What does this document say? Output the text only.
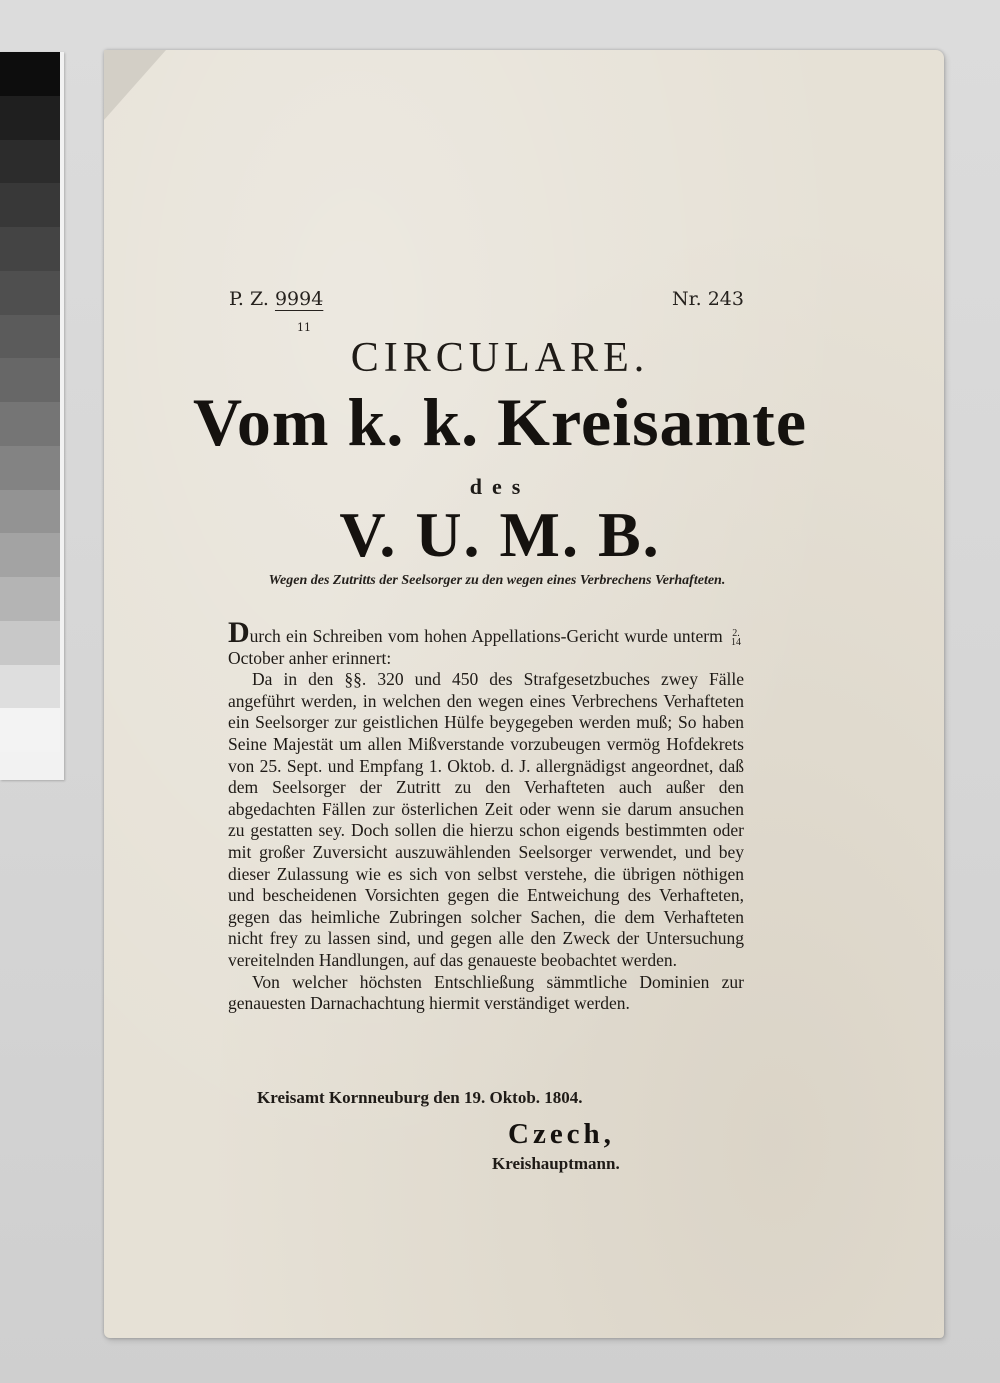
P. Z. 9994
11
Nr. 243
CIRCULARE.
Vom k. k. Kreisamte
des
V. U. M. B.
Wegen des Zutritts der Seelsorger zu den wegen eines Verbrechens Verhafteten.

Durch ein Schreiben vom hohen Appellations-Gericht wurde unterm 2.
14
October anher erinnert:

Da in den §§. 320 und 450 des Strafgesetzbuches zwey Fälle angeführt werden, in welchen den wegen eines Verbrechens Verhafteten ein Seelsorger zur geistlichen Hülfe beygegeben werden muß; So haben Seine Majestät um allen Mißverstande vorzubeugen vermög Hofdekrets von 25. Sept. und Empfang 1. Oktob. d. J. allergnädigst angeordnet, daß dem Seelsorger der Zutritt zu den Verhafteten auch außer den abgedachten Fällen zur österlichen Zeit oder wenn sie darum ansuchen zu gestatten sey. Doch sollen die hierzu schon eigends bestimmten oder mit großer Zuversicht auszuwählenden Seelsorger verwendet, und bey dieser Zulassung wie es sich von selbst verstehe, die übrigen nöthigen und bescheidenen Vorsichten gegen die Entweichung des Verhafteten, gegen das heimliche Zubringen solcher Sachen, die dem Verhafteten nicht frey zu lassen sind, und gegen alle den Zweck der Untersuchung vereitelnden Handlungen, auf das genaueste beobachtet werden.

Von welcher höchsten Entschließung sämmtliche Dominien zur genauesten Darnachachtung hiermit verständiget werden.

Kreisamt Kornneuburg den 19. Oktob. 1804.
Czech,
Kreishauptmann.
